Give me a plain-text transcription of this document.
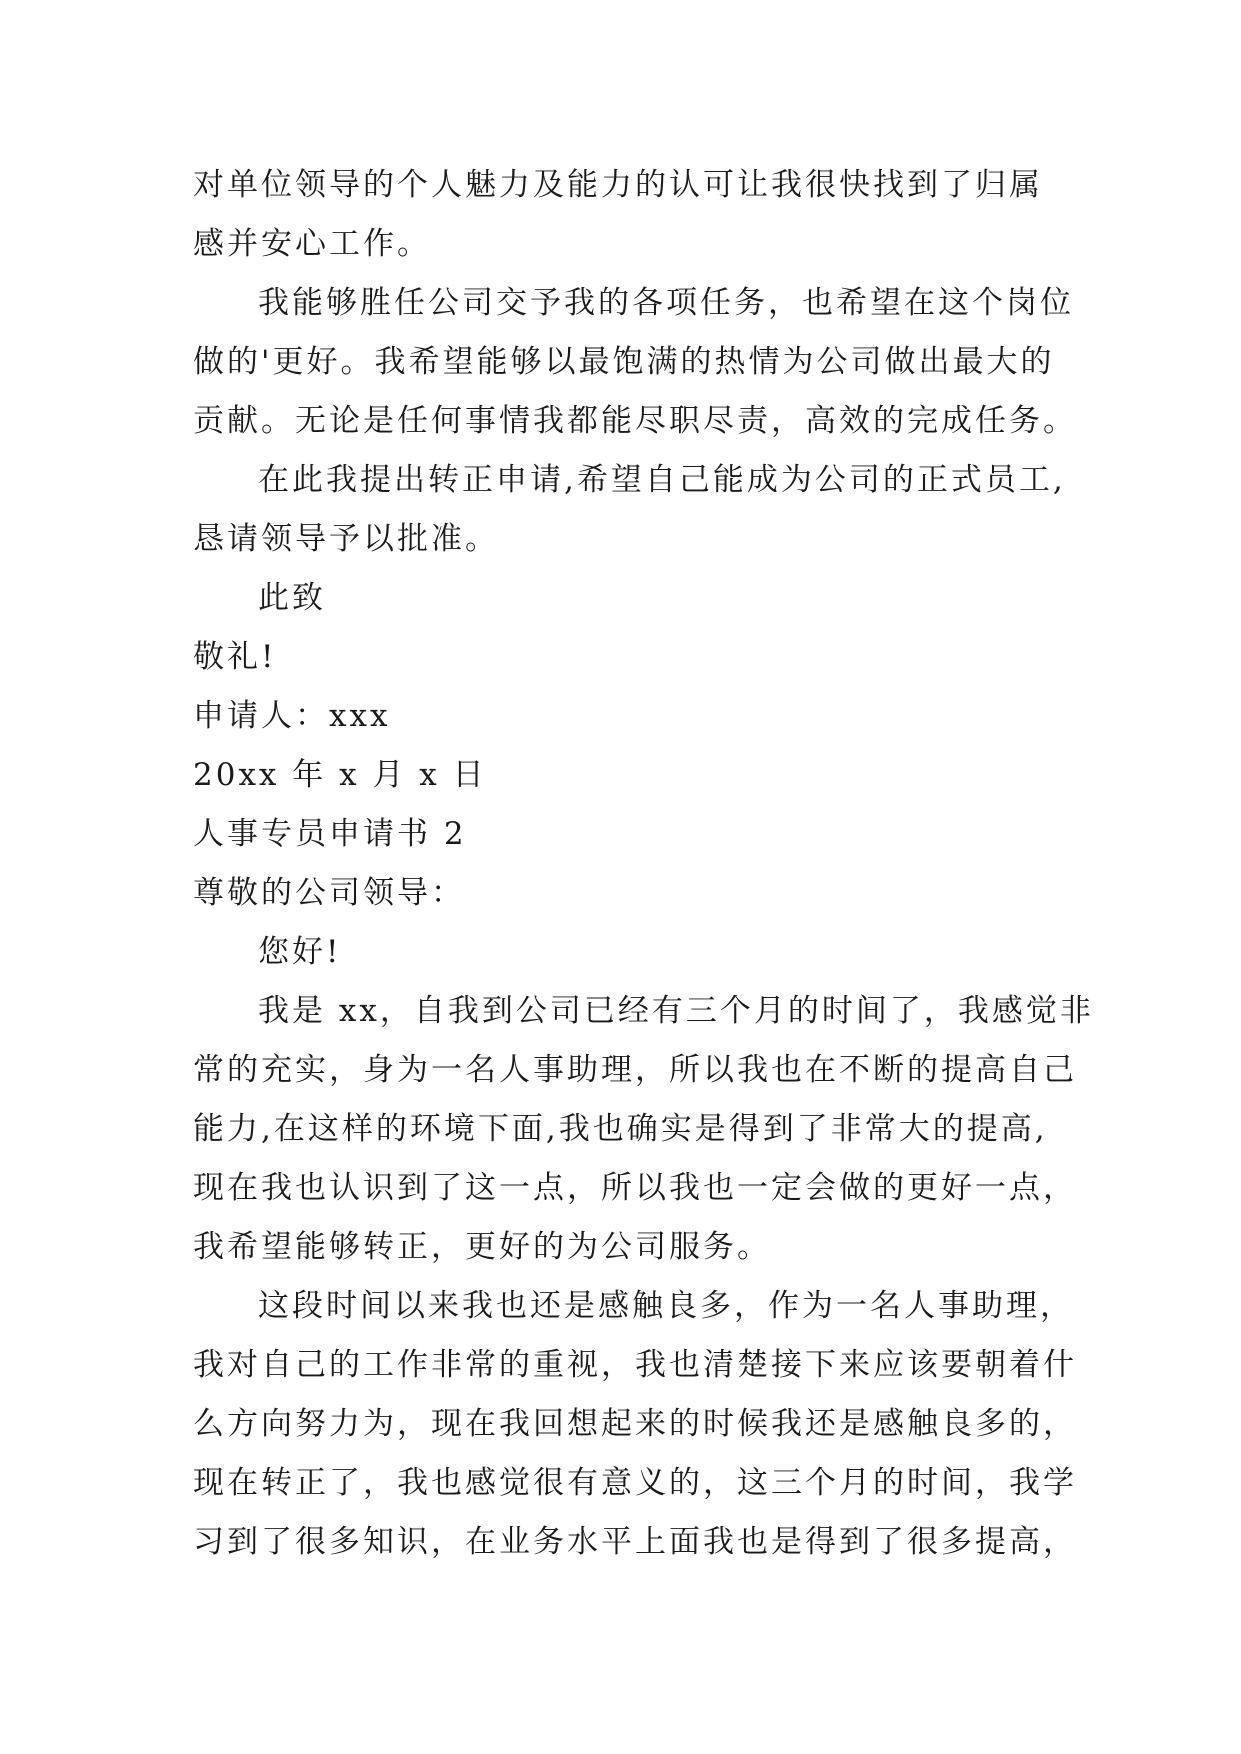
对单位领导的个人魅力及能力的认可让我很快找到了归属
感并安心工作。
我能够胜任公司交予我的各项任务，也希望在这个岗位
做的'更好。我希望能够以最饱满的热情为公司做出最大的
贡献。无论是任何事情我都能尽职尽责，高效的完成任务。
在此我提出转正申请,希望自己能成为公司的正式员工,
恳请领导予以批准。
此致
敬礼!
申请人：xxx
20xx 年 x 月 x 日
人事专员申请书 2
尊敬的公司领导：
您好!
我是 xx，自我到公司已经有三个月的时间了，我感觉非
常的充实，身为一名人事助理，所以我也在不断的提高自己
能力,在这样的环境下面,我也确实是得到了非常大的提高,
现在我也认识到了这一点，所以我也一定会做的更好一点，
我希望能够转正，更好的为公司服务。
这段时间以来我也还是感触良多，作为一名人事助理，
我对自己的工作非常的重视，我也清楚接下来应该要朝着什
么方向努力为，现在我回想起来的时候我还是感触良多的，
现在转正了，我也感觉很有意义的，这三个月的时间，我学
习到了很多知识，在业务水平上面我也是得到了很多提高，
